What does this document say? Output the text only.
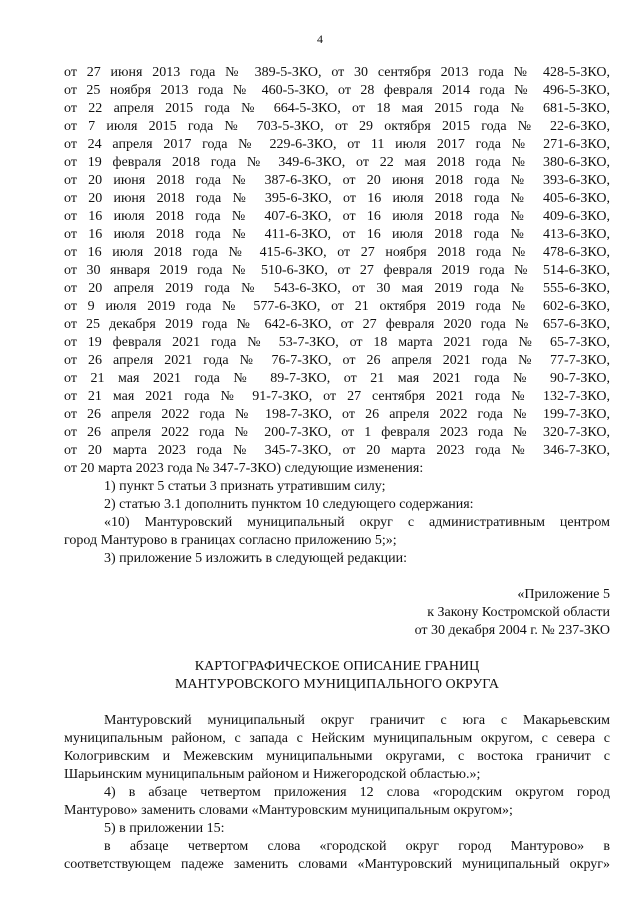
4
от 27 июня 2013 года № 389-5-ЗКО, от 30 сентября 2013 года № 428-5-ЗКО,
от 25 ноября 2013 года № 460-5-ЗКО, от 28 февраля 2014 года № 496-5-ЗКО,
от 22 апреля 2015 года № 664-5-ЗКО, от 18 мая 2015 года № 681-5-ЗКО,
от 7 июля 2015 года № 703-5-ЗКО, от 29 октября 2015 года № 22-6-ЗКО,
от 24 апреля 2017 года № 229-6-ЗКО, от 11 июля 2017 года № 271-6-ЗКО,
от 19 февраля 2018 года № 349-6-ЗКО, от 22 мая 2018 года № 380-6-ЗКО,
от 20 июня 2018 года № 387-6-ЗКО, от 20 июня 2018 года № 393-6-ЗКО,
от 20 июня 2018 года № 395-6-ЗКО, от 16 июля 2018 года № 405-6-ЗКО,
от 16 июля 2018 года № 407-6-ЗКО, от 16 июля 2018 года № 409-6-ЗКО,
от 16 июля 2018 года № 411-6-ЗКО, от 16 июля 2018 года № 413-6-ЗКО,
от 16 июля 2018 года № 415-6-ЗКО, от 27 ноября 2018 года № 478-6-ЗКО,
от 30 января 2019 года № 510-6-ЗКО, от 27 февраля 2019 года № 514-6-ЗКО,
от 20 апреля 2019 года № 543-6-ЗКО, от 30 мая 2019 года № 555-6-ЗКО,
от 9 июля 2019 года № 577-6-ЗКО, от 21 октября 2019 года № 602-6-ЗКО,
от 25 декабря 2019 года № 642-6-ЗКО, от 27 февраля 2020 года № 657-6-ЗКО,
от 19 февраля 2021 года № 53-7-ЗКО, от 18 марта 2021 года № 65-7-ЗКО,
от 26 апреля 2021 года № 76-7-ЗКО, от 26 апреля 2021 года № 77-7-ЗКО,
от 21 мая 2021 года № 89-7-ЗКО, от 21 мая 2021 года № 90-7-ЗКО,
от 21 мая 2021 года № 91-7-ЗКО, от 27 сентября 2021 года № 132-7-ЗКО,
от 26 апреля 2022 года № 198-7-ЗКО, от 26 апреля 2022 года № 199-7-ЗКО,
от 26 апреля 2022 года № 200-7-ЗКО, от 1 февраля 2023 года № 320-7-ЗКО,
от 20 марта 2023 года № 345-7-ЗКО, от 20 марта 2023 года № 346-7-ЗКО,
от 20 марта 2023 года № 347-7-ЗКО) следующие изменения:
1) пункт 5 статьи 3 признать утратившим силу;
2) статью 3.1 дополнить пунктом 10 следующего содержания:
«10) Мантуровский муниципальный округ с административным центром
город Мантурово в границах согласно приложению 5;»;
3) приложение 5 изложить в следующей редакции:
«Приложение 5
к Закону Костромской области
от 30 декабря 2004 г. № 237-ЗКО
КАРТОГРАФИЧЕСКОЕ ОПИСАНИЕ ГРАНИЦ
МАНТУРОВСКОГО МУНИЦИПАЛЬНОГО ОКРУГА
Мантуровский муниципальный округ граничит с юга с Макарьевским
муниципальным районом, с запада с Нейским муниципальным округом, с севера с
Кологривским и Межевским муниципальными округами, с востока граничит с
Шарьинским муниципальным районом и Нижегородской областью.»;
4) в абзаце четвертом приложения 12 слова «городским округом город
Мантурово» заменить словами «Мантуровским муниципальным округом»;
5) в приложении 15:
в абзаце четвертом слова «городской округ город Мантурово» в
соответствующем падеже заменить словами «Мантуровский муниципальный округ»
